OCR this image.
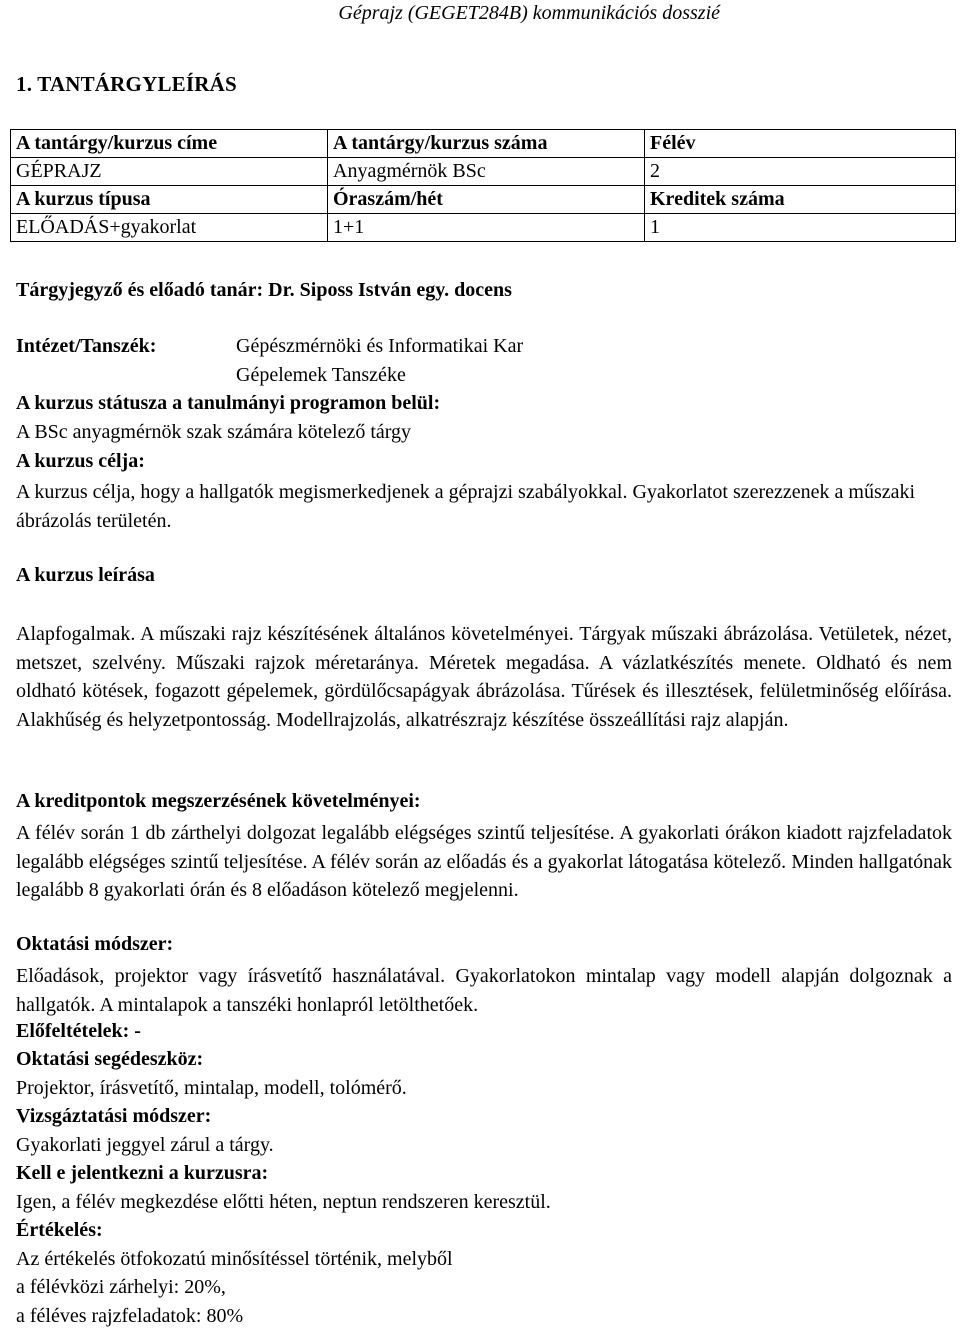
Géprajz (GEGET284B) kommunikációs dosszié
1. TANTÁRGYLEÍRÁS
A tantárgy/kurzus címe	A tantárgy/kurzus száma	Félév
GÉPRAJZ	Anyagmérnök BSc	2
A kurzus típusa	Óraszám/hét	Kreditek száma
ELŐADÁS+gyakorlat	1+1	1
Tárgyjegyző és előadó tanár: Dr. Siposs István egy. docens
Intézet/Tanszék:	Gépészmérnöki és Informatikai Kar
Gépelemek Tanszéke
A kurzus státusza a tanulmányi programon belül:
A BSc anyagmérnök szak számára kötelező tárgy
A kurzus célja:
A kurzus célja, hogy a hallgatók megismerkedjenek a géprajzi szabályokkal. Gyakorlatot szerezzenek a műszaki ábrázolás területén.
A kurzus leírása
Alapfogalmak. A műszaki rajz készítésének általános követelményei. Tárgyak műszaki ábrázolása. Vetületek, nézet, metszet, szelvény. Műszaki rajzok méretaránya. Méretek megadása. A vázlatkészítés menete. Oldható és nem oldható kötések, fogazott gépelemek, gördülőcsapágyak ábrázolása. Tűrések és illesztések, felületminőség előírása. Alakhűség és helyzetpontosság. Modellrajzolás, alkatrészrajz készítése összeállítási rajz alapján.
A kreditpontok megszerzésének követelményei:
A félév során 1 db zárthelyi dolgozat legalább elégséges szintű teljesítése. A gyakorlati órákon kiadott rajzfeladatok legalább elégséges szintű teljesítése. A félév során az előadás és a gyakorlat látogatása kötelező. Minden hallgatónak legalább 8 gyakorlati órán és 8 előadáson kötelező megjelenni.
Oktatási módszer:
Előadások, projektor vagy írásvetítő használatával. Gyakorlatokon mintalap vagy modell alapján dolgoznak a hallgatók. A mintalapok a tanszéki honlapról letölthetőek.
Előfeltételek: -
Oktatási segédeszköz:
Projektor, írásvetítő, mintalap, modell, tolómérő.
Vizsgáztatási módszer:
Gyakorlati jeggyel zárul a tárgy.
Kell e jelentkezni a kurzusra:
Igen, a félév megkezdése előtti héten, neptun rendszeren keresztül.
Értékelés:
Az értékelés ötfokozatú minősítéssel történik, melyből
a félévközi zárhelyi: 20%,
a féléves rajzfeladatok: 80%
